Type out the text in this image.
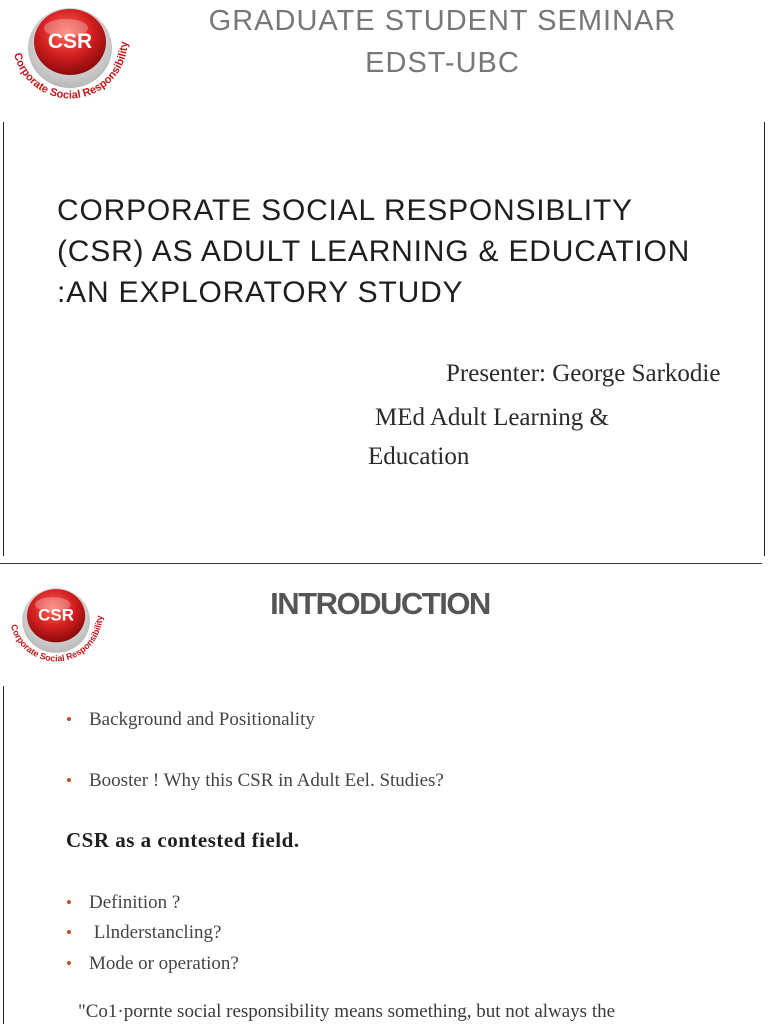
CSR
Corporate Social Responsibility
GRADUATE STUDENT SEMINAR
EDST-UBC
CORPORATE SOCIAL RESPONSIBLITY
(CSR) AS ADULT LEARNING & EDUCATION
:AN EXPLORATORY STUDY
Presenter: George Sarkodie
MEd Adult Learning &
Education
CSR
Corporate Social Responsibility	INTRODUCTION
• Background and Positionality
• Booster ! Why this CSR in Adult Eel. Studies?
CSR as a contested field.
• Definition ?
• Llnderstancling?
• Mode or operation?
"Co1·pornte social responsibility means something, but not always the
